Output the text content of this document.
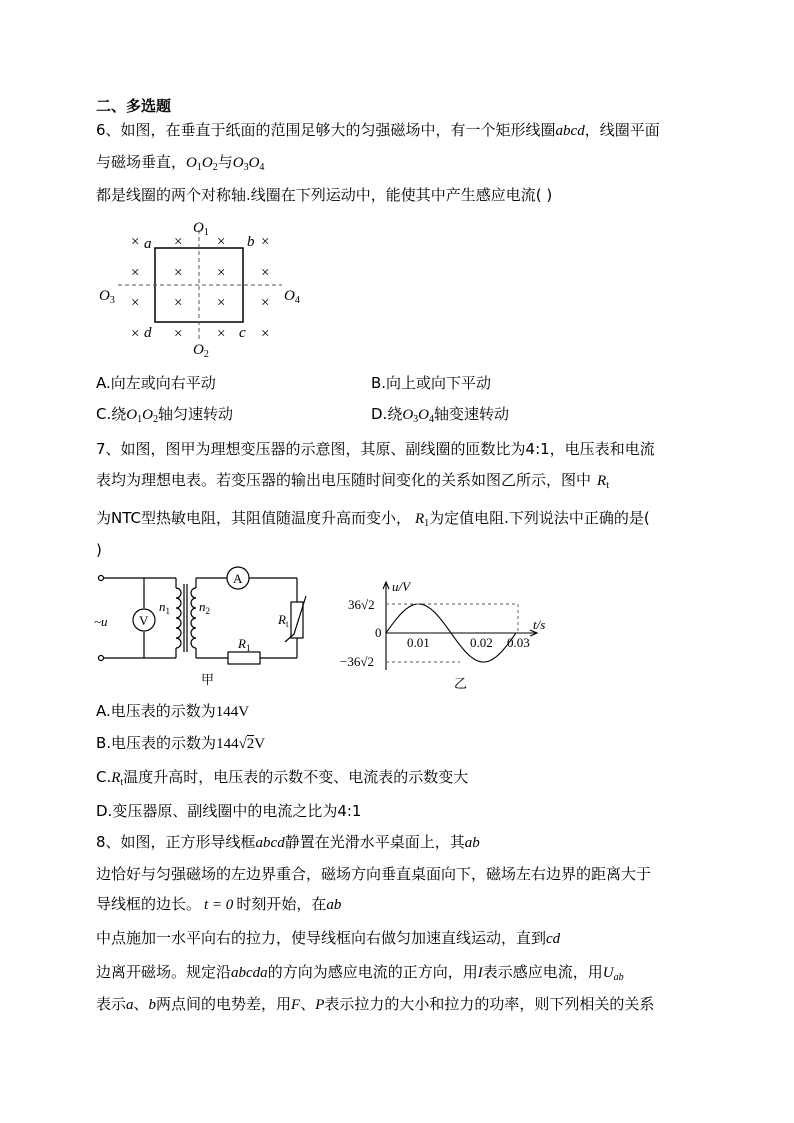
二、多选题
6、如图，在垂直于纸面的范围足够大的匀强磁场中，有一个矩形线圈abcd，线圈平面
与磁场垂直，$O_1O_2$与$O_3O_4$
都是线圈的两个对称轴.线圈在下列运动中，能使其中产生感应电流( )
× × × ×
× × × ×
× × × ×
× × × ×
a	b
c
d
$O_1$
$O_2$
$O_3$	$O_4$
A.向左或向右平动	B.向上或向下平动
C.绕$O_1O_2$轴匀速转动	D.绕$O_3O_4$轴变速转动
7、如图，图甲为理想变压器的示意图，其原、副线圈的匝数比为4:1，电压表和电流
表均为理想电表。若变压器的输出电压随时间变化的关系如图乙所示，图中 $R_t$
为NTC型热敏电阻，其阻值随温度升高而变小， $R_1$为定值电阻.下列说法中正确的是(
)
~u V
A
$n_1$ $n_2$
$R_t$
$R_1$
甲
u/V
t/s
36√2
−36√2
0
0.01	0.02 0.03
乙
A.电压表的示数为144V
B.电压表的示数为144√2V
$C.R_t$温度升高时，电压表的示数不变、电流表的示数变大
D.变压器原、副线圈中的电流之比为4:1
8、如图，正方形导线框abcd静置在光滑水平桌面上，其ab
边恰好与匀强磁场的左边界重合，磁场方向垂直桌面向下，磁场左右边界的距离大于
导线框的边长。 t = 0 时刻开始，在ab
中点施加一水平向右的拉力，使导线框向右做匀加速直线运动，直到cd
边离开磁场。规定沿abcda的方向为感应电流的正方向，用I表示感应电流，用$U_{ab}$
表示a、b两点间的电势差，用F、P表示拉力的大小和拉力的功率，则下列相关的关系
